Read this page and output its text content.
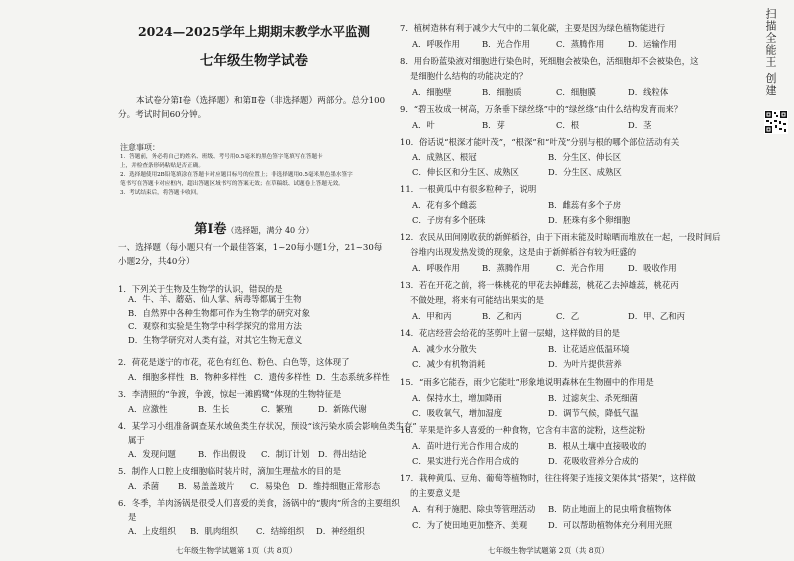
2024—2025学年上期期末教学水平监测
七年级生物学试卷
本试卷分第Ⅰ卷（选择题）和第Ⅱ卷（非选择题）两部分。总分100分。考试时间60分钟。
注意事项：
1．答题前，务必将自己的姓名、班级、考号用0.5毫米的黑色签字笔填写在答题卡
上，并检查条形码粘贴是否正确。
2．选择题使用2B铅笔填涂在答题卡对应题目标号的位置上；非选择题用0.5毫米黑色墨水签字
笔书写在答题卡对应框内，超出答题区域书写的答案无效；在草稿纸、试题卷上答题无效。
3．考试结束后，将答题卡收回。
第Ⅰ卷（选择题，满分 40 分）
一、选择题（每小题只有一个最佳答案，1~20每小题1分，21~30每小题2分，共40分）
1．下列关于生物及生物学的认识，错误的是
A．牛、羊、蘑菇、仙人掌、病毒等都属于生物
B．自然界中各种生物都可作为生物学的研究对象
C．观察和实验是生物学中科学探究的常用方法
D．生物学研究对人类有益，对其它生物无意义
2．荷花是遂宁的市花，花色有红色、粉色、白色等，这体现了
A．细胞多样性 B．物种多样性 C．遗传多样性 D．生态系统多样性
3．李清照的“争渡，争渡，惊起一滩鸥鹭”体现的生物特征是
A．应激性	B．生长	C．繁殖	D．新陈代谢
4．某学习小组准备调查某水域鱼类生存状况，预设“该污染水质会影响鱼类生存”
属于
A．发现问题	B．作出假设 C．制订计划 D．得出结论
5．制作人口腔上皮细胞临时装片时，滴加生理盐水的目的是
A．杀菌 B．易盖盖玻片 C．易染色 D．维持细胞正常形态
6．冬季，羊肉汤锅是很受人们喜爱的美食，汤锅中的“腹肉”所含的主要组织
是
A．上皮组织 B．肌肉组织 C．结缔组织 D．神经组织
七年级生物学试题第 1页（共 8页）
7．植树造林有利于减少大气中的二氧化碳，主要是因为绿色植物能进行
A．呼吸作用	B．光合作用	C．蒸腾作用	D．运输作用
8．用台盼蓝染液对细胞进行染色时，死细胞会被染色，活细胞却不会被染色，这
是细胞什么结构的功能决定的？
A．细胞壁	B．细胞质	C．细胞膜	D．线粒体
9．“碧玉妆成一树高，万条垂下绿丝绦”中的“绿丝绦”由什么结构发育而来？
A．叶	B．芽	C．根	D．茎
10．俗话说“根深才能叶茂”，“根深”和“叶茂”分别与根的哪个部位活动有关
A．成熟区、根冠	B．分生区、伸长区
C．伸长区和分生区、成熟区	D．分生区、成熟区
11．一根黄瓜中有很多粒种子，说明
A．花有多个雌蕊	B．雌蕊有多个子房
C．子房有多个胚珠	D．胚珠有多个卵细胞
12．农民从田间刚收获的新鲜稻谷，由于下雨未能及时晾晒而堆放在一起，一段时间后
谷堆内出现发热发烫的现象，这是由于新鲜稻谷有较为旺盛的
A．呼吸作用	B．蒸腾作用	C．光合作用	D．吸收作用
13．若在开花之前，将一株桃花的甲花去掉雌蕊，桃花乙去掉雄蕊，桃花丙
不做处理，将来有可能结出果实的是
A．甲和丙	B．乙和丙	C．乙	D．甲、乙和丙
14．花店经营会给花的茎剪叶上留一层蜡，这样做的目的是
A．减少水分散失	B．让花适应低温环境
C．减少有机物消耗	D．为叶片提供营养
15．“雨多它能吞，雨少它能吐”形象地说明森林在生物圈中的作用是
A．保持水土，增加降雨	B．过滤灰尘、杀死细菌
C．吸收氧气，增加湿度	D．调节气候，降低气温
16．苹果是许多人喜爱的一种食物，它含有丰富的淀粉，这些淀粉
A．苗叶进行光合作用合成的	B．根从土壤中直接吸收的
C．果实进行光合作用合成的	D．花吸收营养分合成的
17．栽种黄瓜、豆角、葡萄等植物时，往往将架子连接文架体其“搭架”，这样做
的主要意义是
A．有利于施肥、除虫等管理活动 B．防止地面上的昆虫啃食植物体
C．为了使田地更加整齐、美观 D．可以帮助植物体充分利用光照
七年级生物学试题第 2页（共 8页）
扫描全能王 创建
